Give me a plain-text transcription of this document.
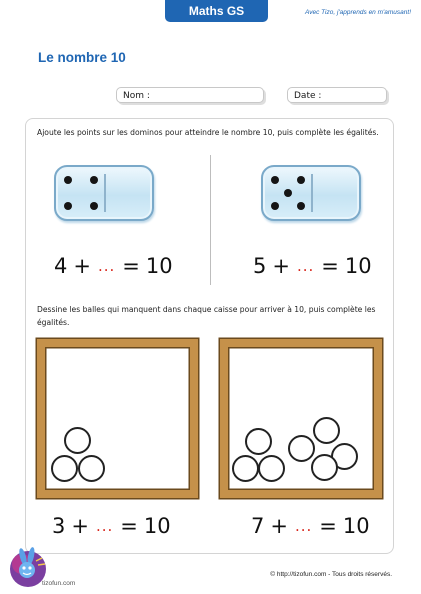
Maths GS	Avec Tizo, j'apprends en m'amusant!
Le nombre 10
Nom :	Date :
Ajoute les points sur les dominos pour atteindre le nombre 10, puis complète les égalités.
4 + ... = 10	5 + ... = 10
Dessine les balles qui manquent dans chaque caisse pour arriver à 10, puis complète les égalités.
3 + ... = 10	7 + ... = 10
tizofun.com
© http://tizofun.com - Tous droits réservés.
